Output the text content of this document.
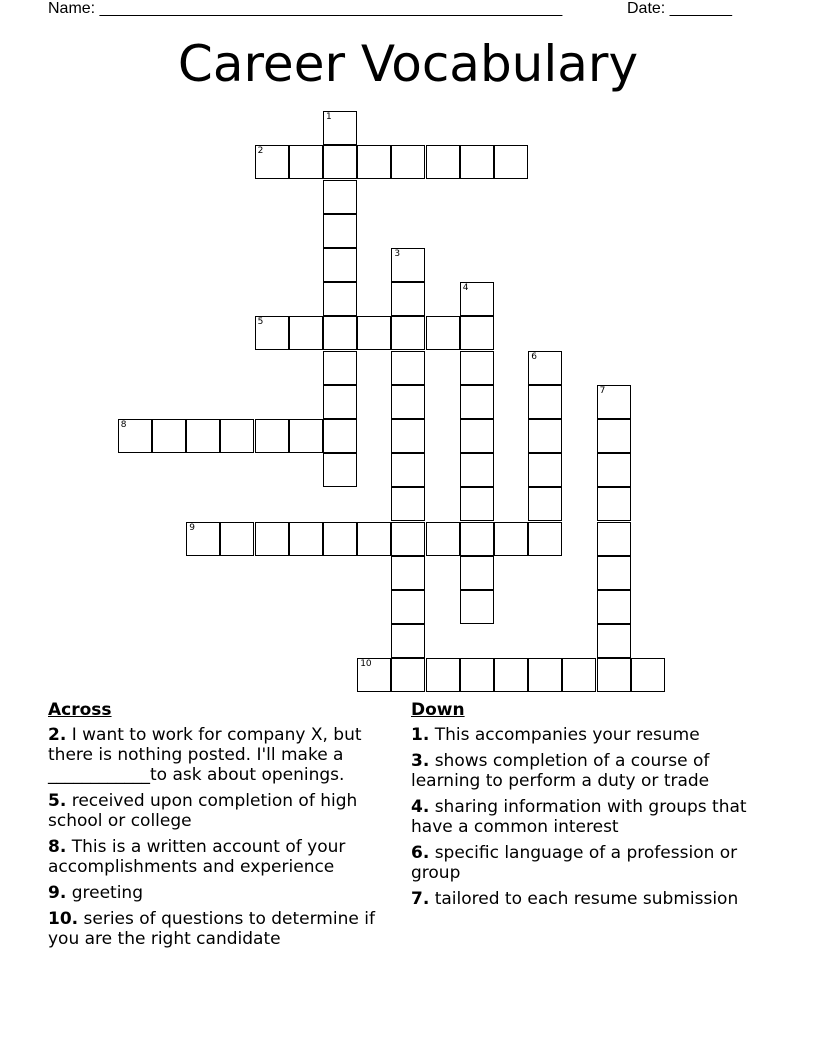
Name: ____________________________________________________	Date: _______
Career Vocabulary
1
2
3
4
5
6
7
8
9
10
Across
2. I want to work for company X, but there is nothing posted. I'll make a ____________to ask about openings.
5. received upon completion of high school or college
8. This is a written account of your accomplishments and experience
9. greeting
10. series of questions to determine if you are the right candidate
Down
1. This accompanies your resume
3. shows completion of a course of learning to perform a duty or trade
4. sharing information with groups that have a common interest
6. specific language of a profession or group
7. tailored to each resume submission
